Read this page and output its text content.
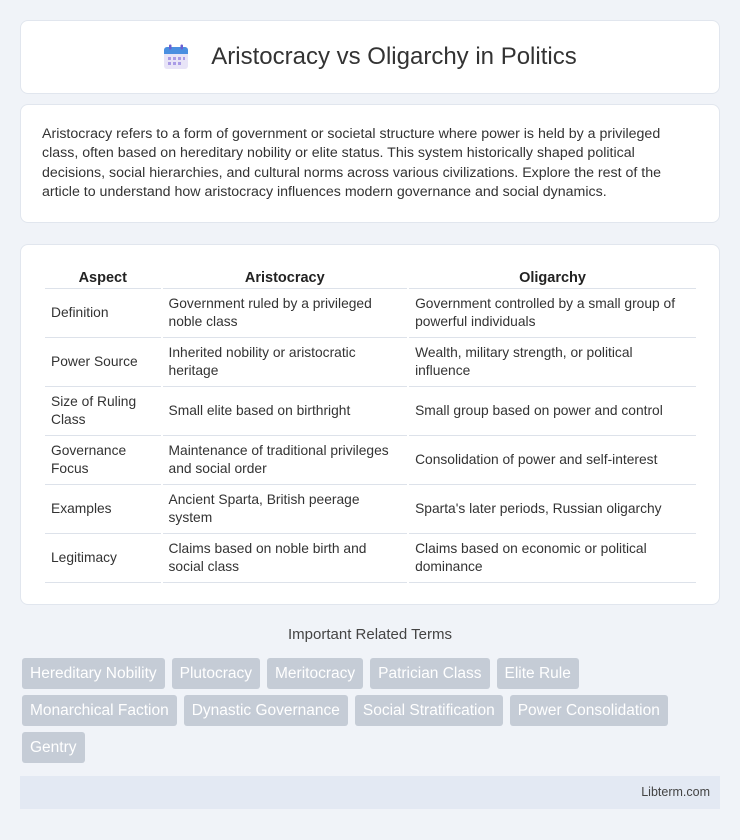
Aristocracy vs Oligarchy in Politics

Aristocracy refers to a form of government or societal structure where power is held by a privileged class, often based on hereditary nobility or elite status. This system historically shaped political decisions, social hierarchies, and cultural norms across various civilizations. Explore the rest of the article to understand how aristocracy influences modern governance and social dynamics.

Aspect	Aristocracy	Oligarchy
Definition	Government ruled by a privileged noble class	Government controlled by a small group of powerful individuals
Power Source	Inherited nobility or aristocratic heritage	Wealth, military strength, or political influence
Size of Ruling Class	Small elite based on birthright	Small group based on power and control
Governance Focus	Maintenance of traditional privileges and social order	Consolidation of power and self-interest
Examples	Ancient Sparta, British peerage system	Sparta's later periods, Russian oligarchy
Legitimacy	Claims based on noble birth and social class	Claims based on economic or political dominance
Important Related Terms
Hereditary Nobility	Plutocracy	Meritocracy	Patrician Class	Elite Rule
Monarchical Faction	Dynastic Governance	Social Stratification	Power Consolidation
Gentry
Libterm.com
